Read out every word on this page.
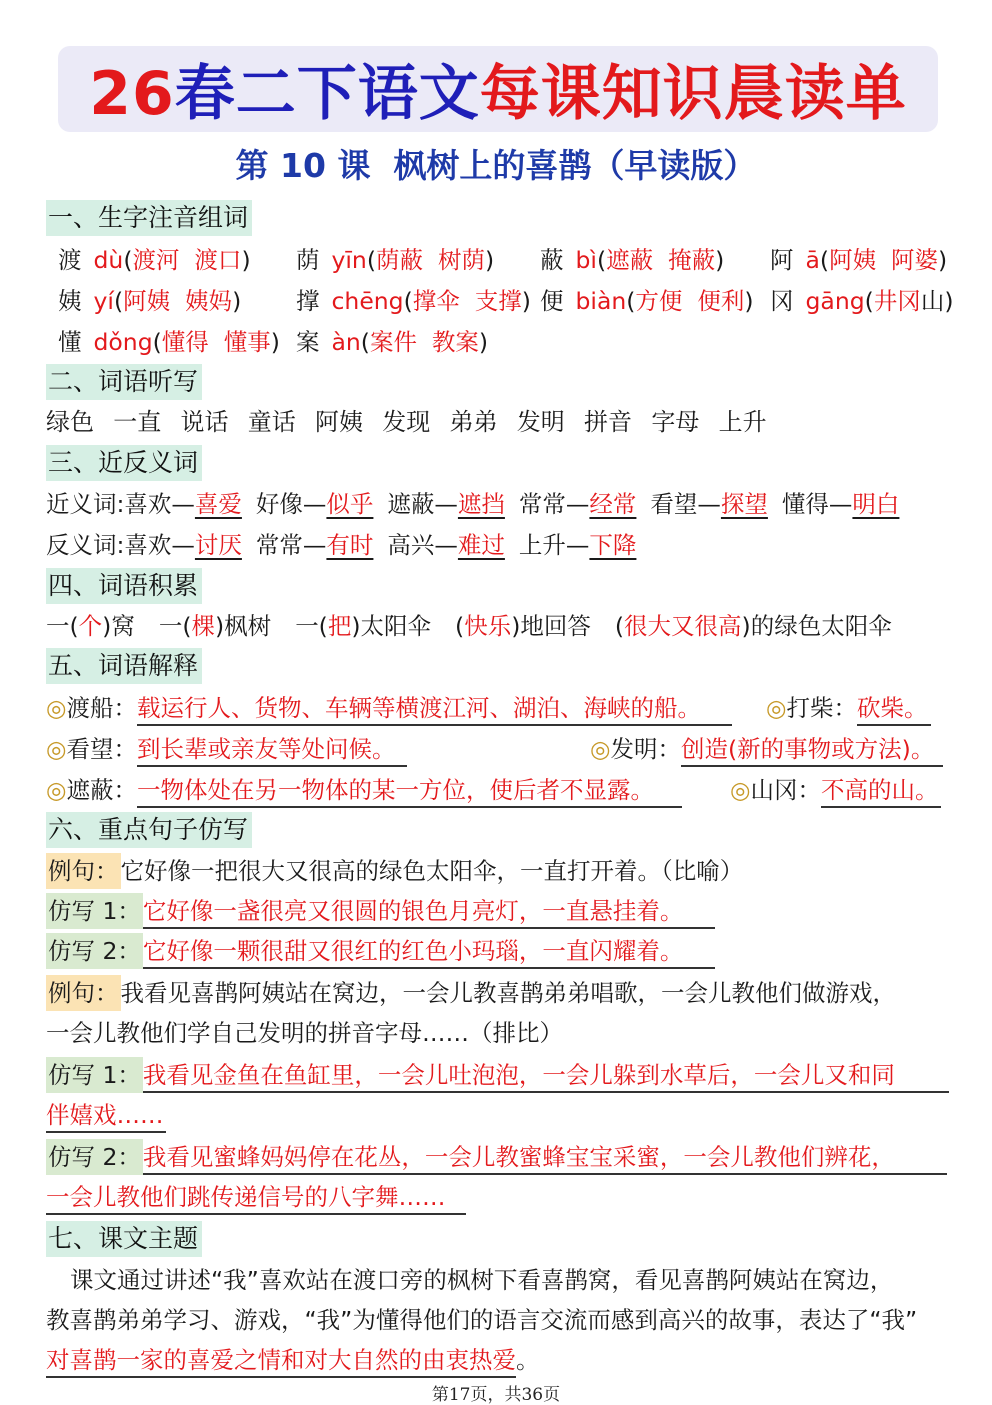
26春二下语文 每课知识晨读单
第 10 课  枫树上的喜鹊（早读版）
一、生字注音组词
渡 dù(渡河  渡口) 荫 yīn(荫蔽  树荫) 蔽 bì(遮蔽  掩蔽) 阿 ā(阿姨  阿婆)
姨 yí(阿姨  姨妈) 撑 chēng(撑伞  支撑) 便 biàn(方便  便利) 冈 gāng(井冈山)
懂 dǒng(懂得  懂事) 案 àn(案件  教案)
二、词语听写
绿色  一直  说话  童话  阿姨  发现  弟弟  发明  拼音  字母  上升
三、近反义词
近义词:喜欢—喜爱 好像—似乎 遮蔽—遮挡 常常—经常 看望—探望 懂得—明白
反义词:喜欢—讨厌 常常—有时 高兴—难过 上升—下降
四、词语积累
一(个)窝 一(棵)枫树 一(把)太阳伞 (快乐)地回答 (很大又很高)的绿色太阳伞
五、词语解释
◎渡船：载运行人、货物、车辆等横渡江河、湖泊、海峡的船。	◎打柴：砍柴。
◎看望：到长辈或亲友等处问候。	◎发明：创造(新的事物或方法)。
◎遮蔽：一物体处在另一物体的某一方位，使后者不显露。	◎山冈：不高的山。
六、重点句子仿写
例句：它好像一把很大又很高的绿色太阳伞，一直打开着。（比喻）
仿写 1：它好像一盏很亮又很圆的银色月亮灯，一直悬挂着。
仿写 2：它好像一颗很甜又很红的红色小玛瑙，一直闪耀着。
例句：我看见喜鹊阿姨站在窝边，一会儿教喜鹊弟弟唱歌，一会儿教他们做游戏，
一会儿教他们学自己发明的拼音字母……（排比）
仿写 1：我看见金鱼在鱼缸里，一会儿吐泡泡，一会儿躲到水草后，一会儿又和同
伴嬉戏……
仿写 2：我看见蜜蜂妈妈停在花丛，一会儿教蜜蜂宝宝采蜜，一会儿教他们辨花，
一会儿教他们跳传递信号的八字舞……
七、课文主题
课文通过讲述“我”喜欢站在渡口旁的枫树下看喜鹊窝，看见喜鹊阿姨站在窝边，
教喜鹊弟弟学习、游戏，“我”为懂得他们的语言交流而感到高兴的故事，表达了“我”
对喜鹊一家的喜爱之情和对大自然的由衷热爱。
第17页，共36页
